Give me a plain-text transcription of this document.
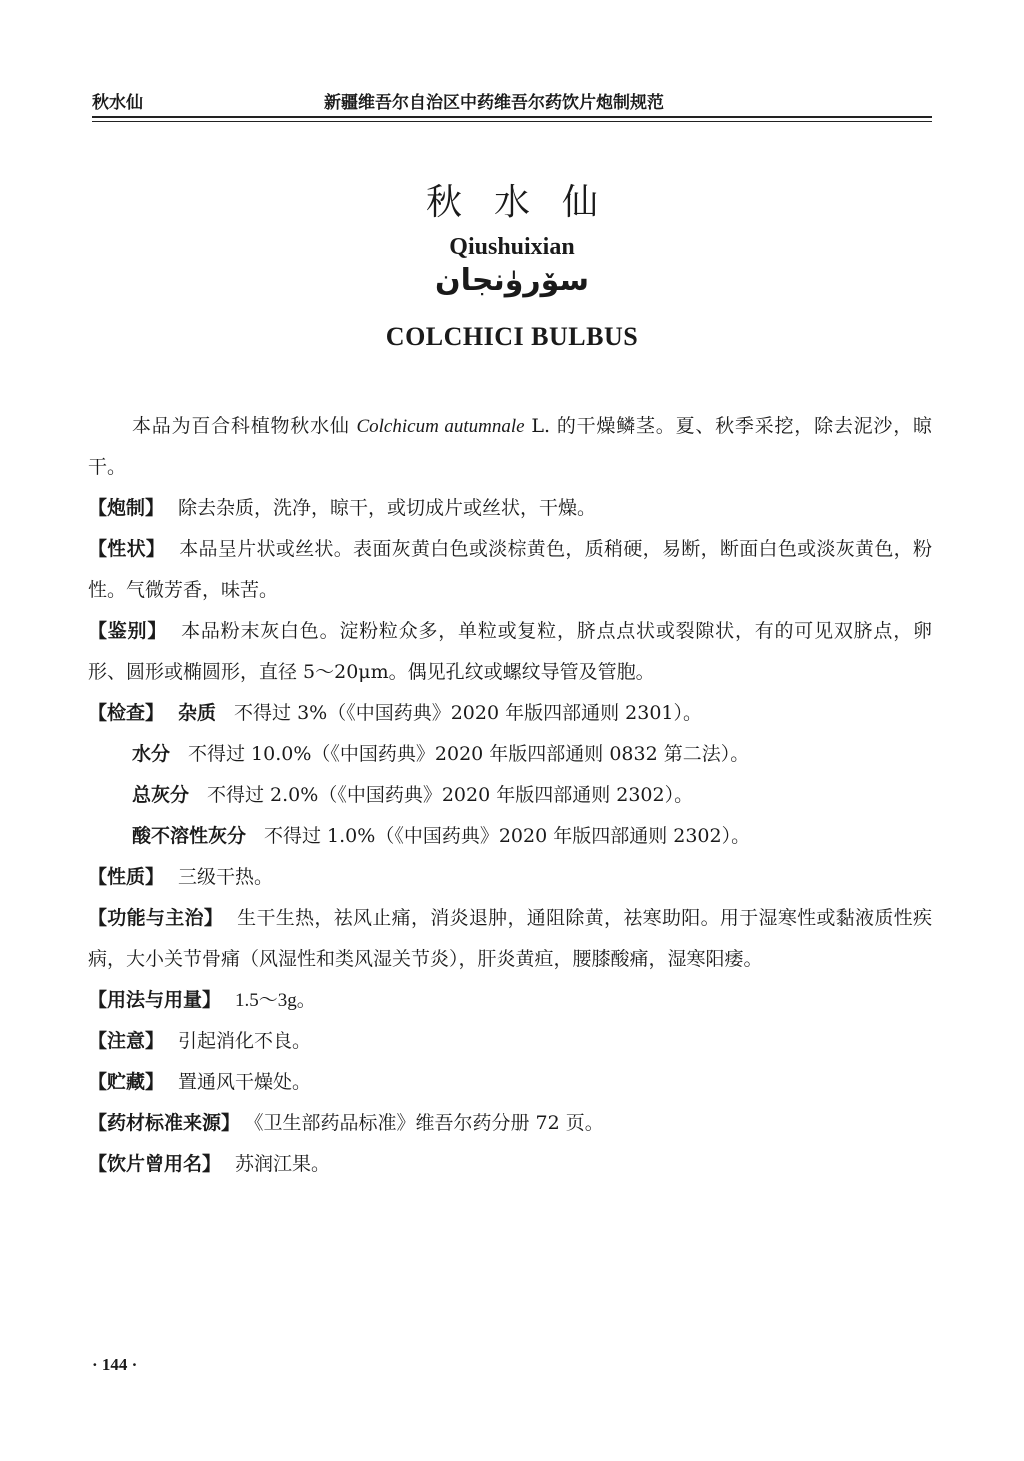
秋水仙	新疆维吾尔自治区中药维吾尔药饮片炮制规范
秋水仙
Qiushuixian
سۆرۈنجان
COLCHICI BULBUS

本品为百合科植物秋水仙 Colchicum autumnale L. 的干燥鳞茎。夏、秋季采挖，除去泥沙，晾干。

【炮制】 除去杂质，洗净，晾干，或切成片或丝状，干燥。

【性状】 本品呈片状或丝状。表面灰黄白色或淡棕黄色，质稍硬，易断，断面白色或淡灰黄色，粉性。气微芳香，味苦。

【鉴别】 本品粉末灰白色。淀粉粒众多，单粒或复粒，脐点点状或裂隙状，有的可见双脐点，卵形、圆形或椭圆形，直径 5～20μm。偶见孔纹或螺纹导管及管胞。

【检查】 杂质 不得过 3%（《中国药典》2020 年版四部通则 2301）。

水分 不得过 10.0%（《中国药典》2020 年版四部通则 0832 第二法）。

总灰分 不得过 2.0%（《中国药典》2020 年版四部通则 2302）。

酸不溶性灰分 不得过 1.0%（《中国药典》2020 年版四部通则 2302）。

【性质】 三级干热。

【功能与主治】 生干生热，祛风止痛，消炎退肿，通阻除黄，祛寒助阳。用于湿寒性或黏液质性疾病，大小关节骨痛（风湿性和类风湿关节炎），肝炎黄疸，腰膝酸痛，湿寒阳痿。

【用法与用量】 1.5～3g。

【注意】 引起消化不良。

【贮藏】 置通风干燥处。

【药材标准来源】 《卫生部药品标准》维吾尔药分册 72 页。

【饮片曾用名】 苏润江果。

· 144 ·
